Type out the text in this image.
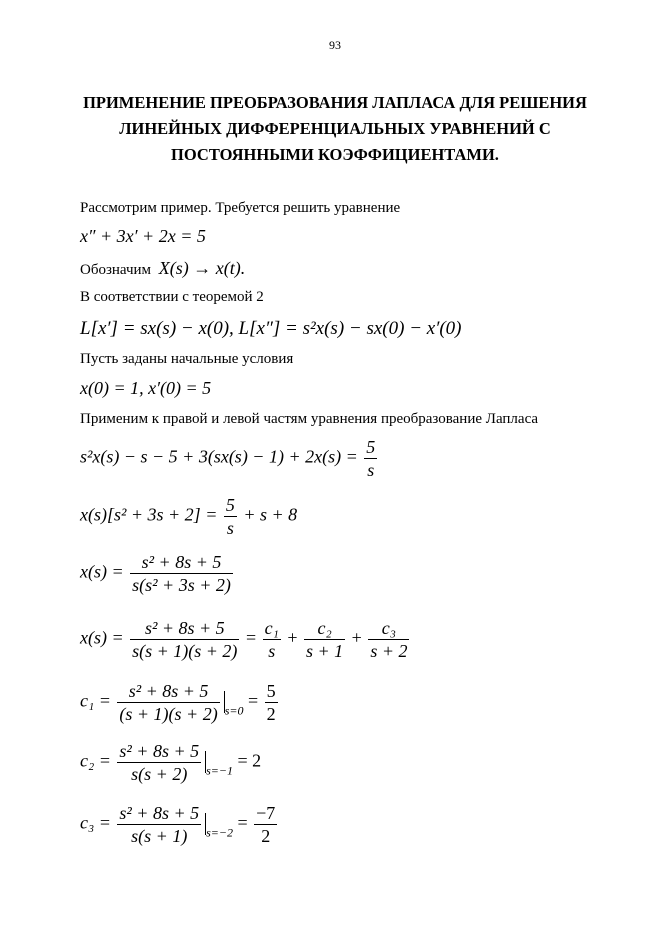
93
ПРИМЕНЕНИЕ ПРЕОБРАЗОВАНИЯ ЛАПЛАСА ДЛЯ РЕШЕНИЯ
ЛИНЕЙНЫХ ДИФФЕРЕНЦИАЛЬНЫХ УРАВНЕНИЙ С
ПОСТОЯННЫМИ КОЭФФИЦИЕНТАМИ.
Рассмотрим пример. Требуется решить уравнение
x″ + 3x′ + 2x = 5
Обозначим X(s) → x(t).
В соответствии с теоремой 2
L[x′] = sx(s) − x(0), L[x″] = s²x(s) − sx(0) − x′(0)
Пусть заданы начальные условия
x(0) = 1, x′(0) = 5
Применим к правой и левой частям уравнения преобразование Лапласа
$s^2x(s) - s - 5 + 3(sx(s) - 1) + 2x(s) = \frac{5}{s}$
$x(s)[s^2 + 3s + 2] = \frac{5}{s} + s + 8$
$x(s) = \frac{\text{s² + 8s + 5}}{\text{s(s² + 3s + 2)}}$
$x(s) = \frac{\text{s² + 8s + 5}}{s(s + 1)(s + 2)} = \frac{\text{c₁}}{s} + \frac{\text{c₂}}{s + 1} + \frac{\text{c₃}}{s + 2}$
$c_1 = \frac{\text{s² + 8s + 5}}{(s + 1)(s + 2)} _{s=0} = \frac{5}{2}$
$c_2 = \frac{\text{s² + 8s + 5}}{s(s + 2)} _{s=-1} = 2$
$c_3 = \frac{\text{s² + 8s + 5}}{s(s + 1)} _{s=-2} = \frac{-7}{2}$
